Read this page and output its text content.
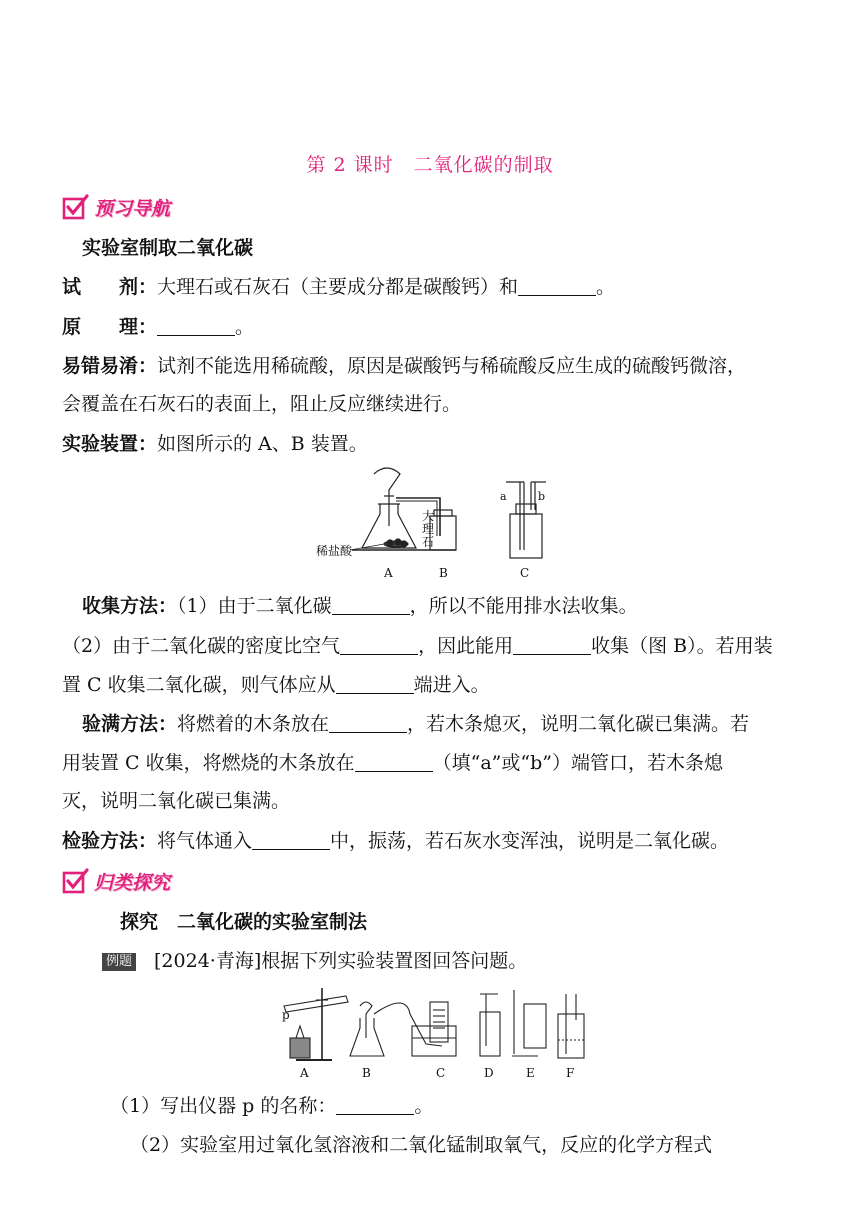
第 2 课时　二氧化碳的制取
预习导航
实验室制取二氧化碳
试　　剂：大理石或石灰石（主要成分都是碳酸钙）和	。
原　　理：	。
易错易淆：试剂不能选用稀硫酸，原因是碳酸钙与稀硫酸反应生成的硫酸钙微溶，
会覆盖在石灰石的表面上，阻止反应继续进行。
实验装置：如图所示的 A、B 装置。
稀盐酸
大
理
石
a	b
A	B	C
收集方法：（1）由于二氧化碳	，所以不能用排水法收集。
（2）由于二氧化碳的密度比空气	，因此能用	收集（图 B）。若用装
置 C 收集二氧化碳，则气体应从	端进入。
验满方法：将燃着的木条放在	，若木条熄灭，说明二氧化碳已集满。若
用装置 C 收集，将燃烧的木条放在	（填“a”或“b”）端管口，若木条熄
灭，说明二氧化碳已集满。
检验方法：将气体通入	中，振荡，若石灰水变浑浊，说明是二氧化碳。
归类探究
探究　二氧化碳的实验室制法
例题 [2024·青海]根据下列实验装置图回答问题。
p
A	B	C	D	E	F
（1）写出仪器 p 的名称：	。
（2）实验室用过氧化氢溶液和二氧化锰制取氧气，反应的化学方程式
